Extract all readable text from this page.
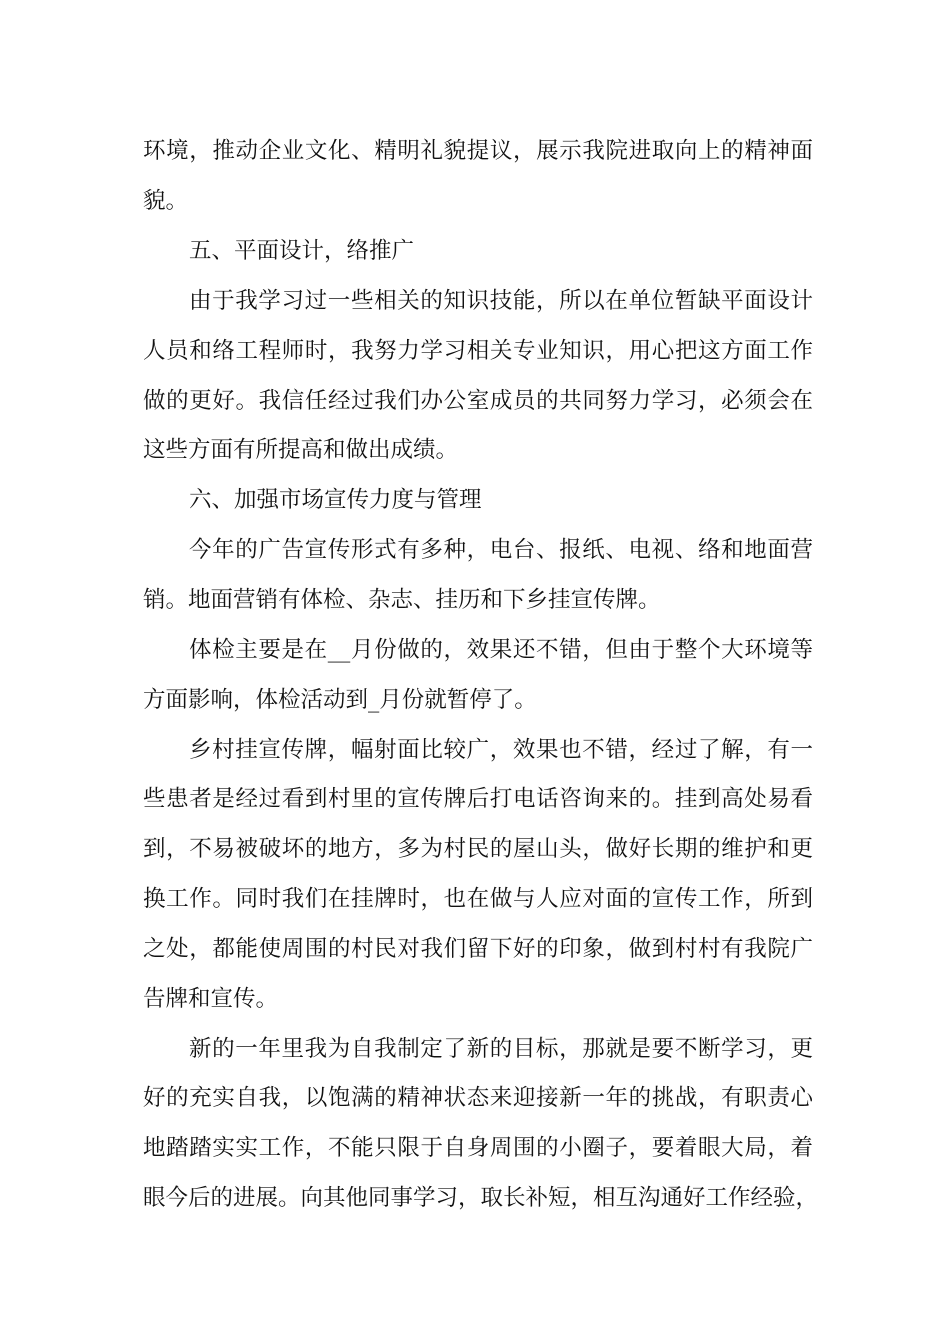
环境，推动企业文化、精明礼貌提议，展示我院进取向上的精神面
貌。
五、平面设计，络推广
由于我学习过一些相关的知识技能，所以在单位暂缺平面设计
人员和络工程师时，我努力学习相关专业知识，用心把这方面工作
做的更好。我信任经过我们办公室成员的共同努力学习，必须会在
这些方面有所提高和做出成绩。
六、加强市场宣传力度与管理
今年的广告宣传形式有多种，电台、报纸、电视、络和地面营
销。地面营销有体检、杂志、挂历和下乡挂宣传牌。
体检主要是在__月份做的，效果还不错，但由于整个大环境等
方面影响，体检活动到_月份就暂停了。
乡村挂宣传牌，幅射面比较广，效果也不错，经过了解，有一
些患者是经过看到村里的宣传牌后打电话咨询来的。挂到高处易看
到，不易被破坏的地方，多为村民的屋山头，做好长期的维护和更
换工作。同时我们在挂牌时，也在做与人应对面的宣传工作，所到
之处，都能使周围的村民对我们留下好的印象，做到村村有我院广
告牌和宣传。
新的一年里我为自我制定了新的目标，那就是要不断学习，更
好的充实自我，以饱满的精神状态来迎接新一年的挑战，有职责心
地踏踏实实工作，不能只限于自身周围的小圈子，要着眼大局，着
眼今后的进展。向其他同事学习，取长补短，相互沟通好工作经验，
